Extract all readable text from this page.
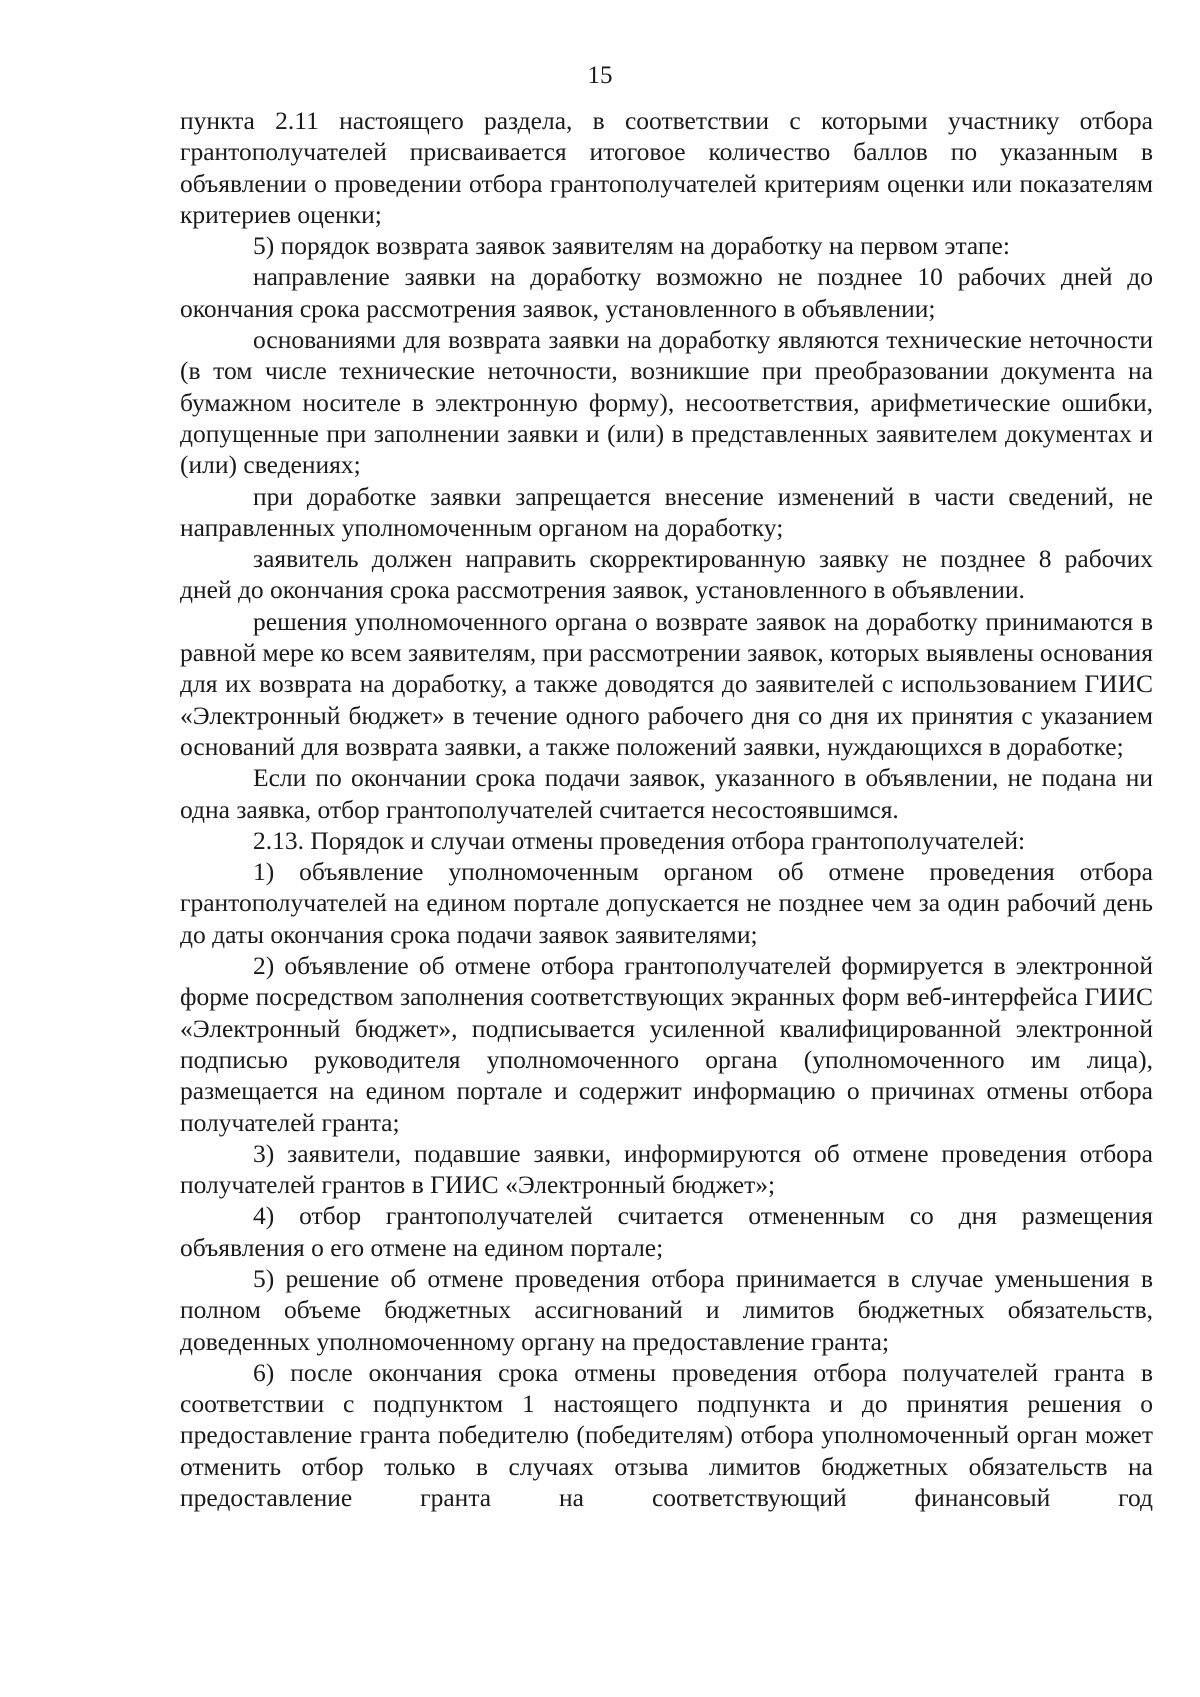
15

пункта 2.11 настоящего раздела, в соответствии с которыми участнику отбора грантополучателей присваивается итоговое количество баллов по указанным в объявлении о проведении отбора грантополучателей критериям оценки или показателям критериев оценки;

5) порядок возврата заявок заявителям на доработку на первом этапе:

направление заявки на доработку возможно не позднее 10 рабочих дней до окончания срока рассмотрения заявок, установленного в объявлении;

основаниями для возврата заявки на доработку являются технические неточности (в том числе технические неточности, возникшие при преобразовании документа на бумажном носителе в электронную форму), несоответствия, арифметические ошибки, допущенные при заполнении заявки и (или) в представленных заявителем документах и (или) сведениях;

при доработке заявки запрещается внесение изменений в части сведений, не направленных уполномоченным органом на доработку;

заявитель должен направить скорректированную заявку не позднее 8 рабочих дней до окончания срока рассмотрения заявок, установленного в объявлении.

решения уполномоченного органа о возврате заявок на доработку принимаются в равной мере ко всем заявителям, при рассмотрении заявок, которых выявлены основания для их возврата на доработку, а также доводятся до заявителей с использованием ГИИС «Электронный бюджет» в течение одного рабочего дня со дня их принятия с указанием оснований для возврата заявки, а также положений заявки, нуждающихся в доработке;

Если по окончании срока подачи заявок, указанного в объявлении, не подана ни одна заявка, отбор грантополучателей считается несостоявшимся.

2.13. Порядок и случаи отмены проведения отбора грантополучателей:

1) объявление уполномоченным органом об отмене проведения отбора грантополучателей на едином портале допускается не позднее чем за один рабочий день до даты окончания срока подачи заявок заявителями;

2) объявление об отмене отбора грантополучателей формируется в электронной форме посредством заполнения соответствующих экранных форм веб-интерфейса ГИИС «Электронный бюджет», подписывается усиленной квалифицированной электронной подписью руководителя уполномоченного органа (уполномоченного им лица), размещается на едином портале и содержит информацию о причинах отмены отбора получателей гранта;

3) заявители, подавшие заявки, информируются об отмене проведения отбора получателей грантов в ГИИС «Электронный бюджет»;

4) отбор грантополучателей считается отмененным со дня размещения объявления о его отмене на едином портале;

5) решение об отмене проведения отбора принимается в случае уменьшения в полном объеме бюджетных ассигнований и лимитов бюджетных обязательств, доведенных уполномоченному органу на предоставление гранта;

6) после окончания срока отмены проведения отбора получателей гранта в соответствии с подпунктом 1 настоящего подпункта и до принятия решения о предоставление гранта победителю (победителям) отбора уполномоченный орган может отменить отбор только в случаях отзыва лимитов бюджетных обязательств на предоставление гранта на соответствующий финансовый год
